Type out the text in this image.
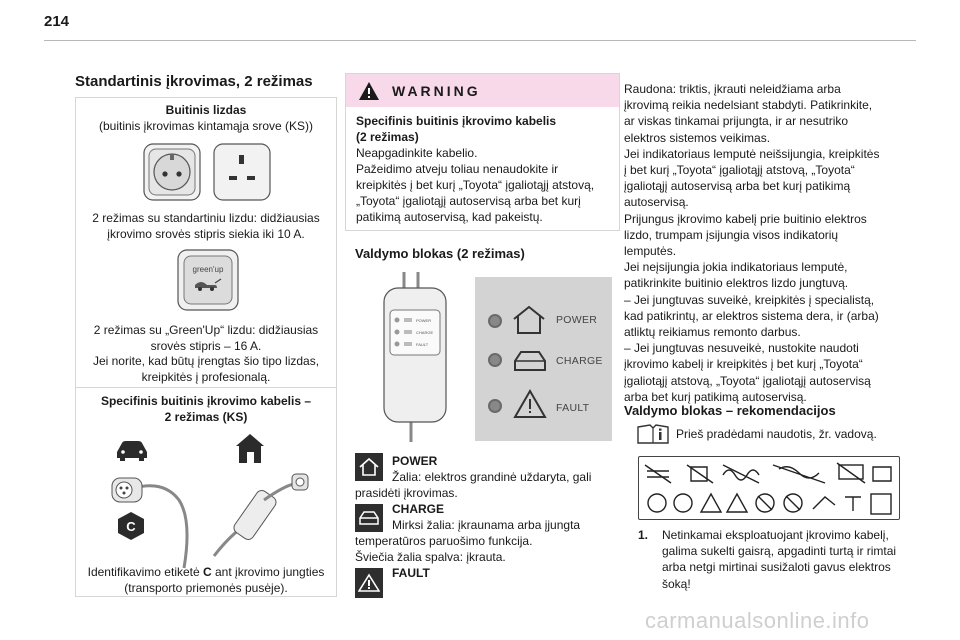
214
Standartinis įkrovimas, 2 režimas
Buitinis lizdas
(buitinis įkrovimas kintamąja srove (KS))
2 režimas su standartiniu lizdu: didžiausias
įkrovimo srovės stipris siekia iki 10 A.
green'up
2 režimas su „Green'Up“ lizdu: didžiausias
srovės stipris – 16 A.
Jei norite, kad būtų įrengtas šio tipo lizdas,
kreipkitės į profesionalą.
Specifinis buitinis įkrovimo kabelis –
2 režimas (KS)
C
Identifikavimo etiketė C ant įkrovimo jungties
(transporto priemonės pusėje).
WARNING
Specifinis buitinis įkrovimo kabelis
(2 režimas)
Neapgadinkite kabelio.
Pažeidimo atveju toliau nenaudokite ir
kreipkitės į bet kurį „Toyota“ įgaliotąjį atstovą,
„Toyota“ įgaliotąjį autoservisą arba bet kurį
patikimą autoservisą, kad pakeistų.
Valdymo blokas (2 režimas)
POWER
CHARGE
FAULT
POWER
CHARGE
FAULT
POWER
Žalia: elektros grandinė uždaryta, gali
prasidėti įkrovimas.
CHARGE
Mirksi žalia: įkraunama arba įjungta
temperatūros paruošimo funkcija.
Šviečia žalia spalva: įkrauta.
FAULT
Raudona: triktis, įkrauti neleidžiama arba
įkrovimą reikia nedelsiant stabdyti. Patikrinkite,
ar viskas tinkamai prijungta, ir ar nesutriko
elektros sistemos veikimas.
Jei indikatoriaus lemputė neišsijungia, kreipkitės
į bet kurį „Toyota“ įgaliotąjį atstovą, „Toyota“
įgaliotąjį autoservisą arba bet kurį patikimą
autoservisą.
Prijungus įkrovimo kabelį prie buitinio elektros
lizdo, trumpam įsijungia visos indikatorių
lemputės.
Jei neįsijungia jokia indikatoriaus lemputė,
patikrinkite buitinio elektros lizdo jungtuvą.
– Jei jungtuvas suveikė, kreipkitės į specialistą,
kad patikrintų, ar elektros sistema dera, ir (arba)
atliktų reikiamus remonto darbus.
– Jei jungtuvas nesuveikė, nustokite naudoti
įkrovimo kabelį ir kreipkitės į bet kurį „Toyota“
įgaliotąjį atstovą, „Toyota“ įgaliotąjį autoservisą
arba bet kurį patikimą autoservisą.
Valdymo blokas – rekomendacijos
Prieš pradėdami naudotis, žr. vadovą.
1. Netinkamai eksploatuojant įkrovimo kabelį,
galima sukelti gaisrą, apgadinti turtą ir rimtai
arba netgi mirtinai susižaloti gavus elektros
šoką!
carmanualsonline.info
